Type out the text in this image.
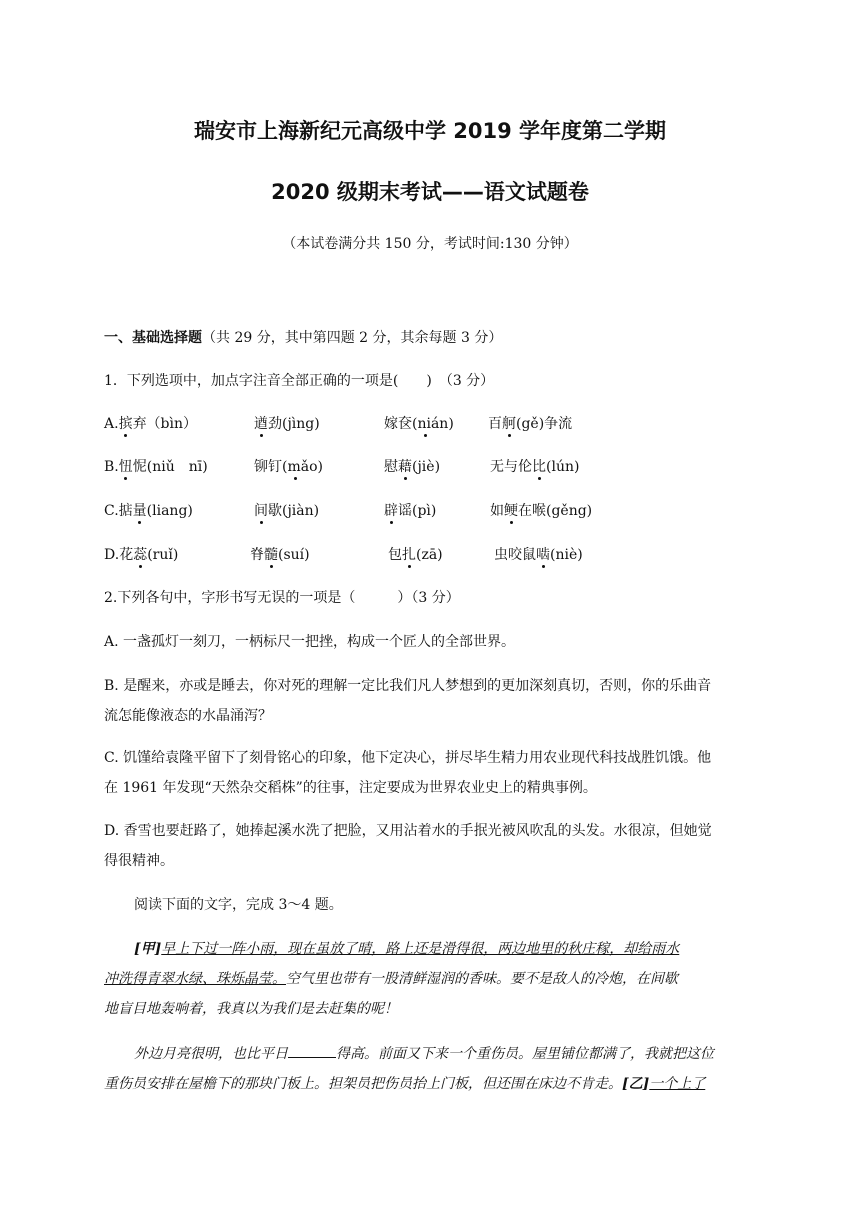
瑞安市上海新纪元高级中学 2019 学年度第二学期
2020 级期末考试——语文试题卷
（本试卷满分共 150 分，考试时间:130 分钟）
一、基础选择题（共 29 分，其中第四题 2 分，其余每题 3 分）
1．下列选项中，加点字注音全部正确的一项是(　　)　（3 分）
A.摈弃（bìn）	遒劲(jìng)	嫁奁(nián) 百舸(gě)争流
B.忸怩(niǔ　nī)	铆钉(mǎo)	慰藉(jiè)	无与伦比(lún)
C.掂量(liang)	间歇(jiàn)	辟谣(pì)	如鲠在喉(gěng)
D.花蕊(ruǐ)	脊髓(suí)	包扎(zā)	虫咬鼠啮(niè)
2.下列各句中，字形书写无误的一项是（　　　）（3 分）
A. 一盏孤灯一刻刀，一柄标尺一把挫，构成一个匠人的全部世界。
B. 是醒来，亦或是睡去，你对死的理解一定比我们凡人梦想到的更加深刻真切，否则，你的乐曲音
流怎能像液态的水晶涌泻？
C. 饥馑给袁隆平留下了刻骨铭心的印象，他下定决心，拼尽毕生精力用农业现代科技战胜饥饿。他
在 1961 年发现“天然杂交稻株”的往事，注定要成为世界农业史上的精典事例。
D. 香雪也要赶路了，她捧起溪水洗了把脸，又用沾着水的手抿光被风吹乱的头发。水很凉，但她觉
得很精神。
阅读下面的文字，完成 3～4 题。
[甲]早上下过一阵小雨，现在虽放了晴，路上还是滑得很，两边地里的秋庄稼，却给雨水
冲洗得青翠水绿、珠烁晶莹。空气里也带有一股清鲜湿润的香味。要不是敌人的冷炮，在间歇
地盲目地轰响着，我真以为我们是去赶集的呢！
外边月亮很明，也比平日	得高。前面又下来一个重伤员。屋里铺位都满了，我就把这位
重伤员安排在屋檐下的那块门板上。担架员把伤员抬上门板，但还围在床边不肯走。[乙]一个上了
